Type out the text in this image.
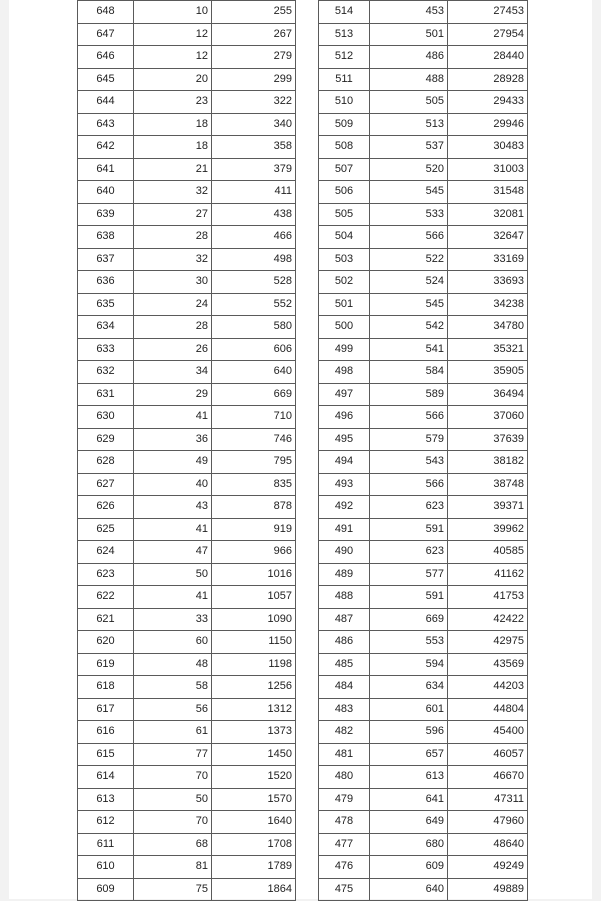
648	10	255
647	12	267
646	12	279
645	20	299
644	23	322
643	18	340
642	18	358
641	21	379
640	32	411
639	27	438
638	28	466
637	32	498
636	30	528
635	24	552
634	28	580
633	26	606
632	34	640
631	29	669
630	41	710
629	36	746
628	49	795
627	40	835
626	43	878
625	41	919
624	47	966
623	50	1016
622	41	1057
621	33	1090
620	60	1150
619	48	1198
618	58	1256
617	56	1312
616	61	1373
615	77	1450
614	70	1520
613	50	1570
612	70	1640
611	68	1708
610	81	1789
609	75	1864
514	453	27453
513	501	27954
512	486	28440
511	488	28928
510	505	29433
509	513	29946
508	537	30483
507	520	31003
506	545	31548
505	533	32081
504	566	32647
503	522	33169
502	524	33693
501	545	34238
500	542	34780
499	541	35321
498	584	35905
497	589	36494
496	566	37060
495	579	37639
494	543	38182
493	566	38748
492	623	39371
491	591	39962
490	623	40585
489	577	41162
488	591	41753
487	669	42422
486	553	42975
485	594	43569
484	634	44203
483	601	44804
482	596	45400
481	657	46057
480	613	46670
479	641	47311
478	649	47960
477	680	48640
476	609	49249
475	640	49889
